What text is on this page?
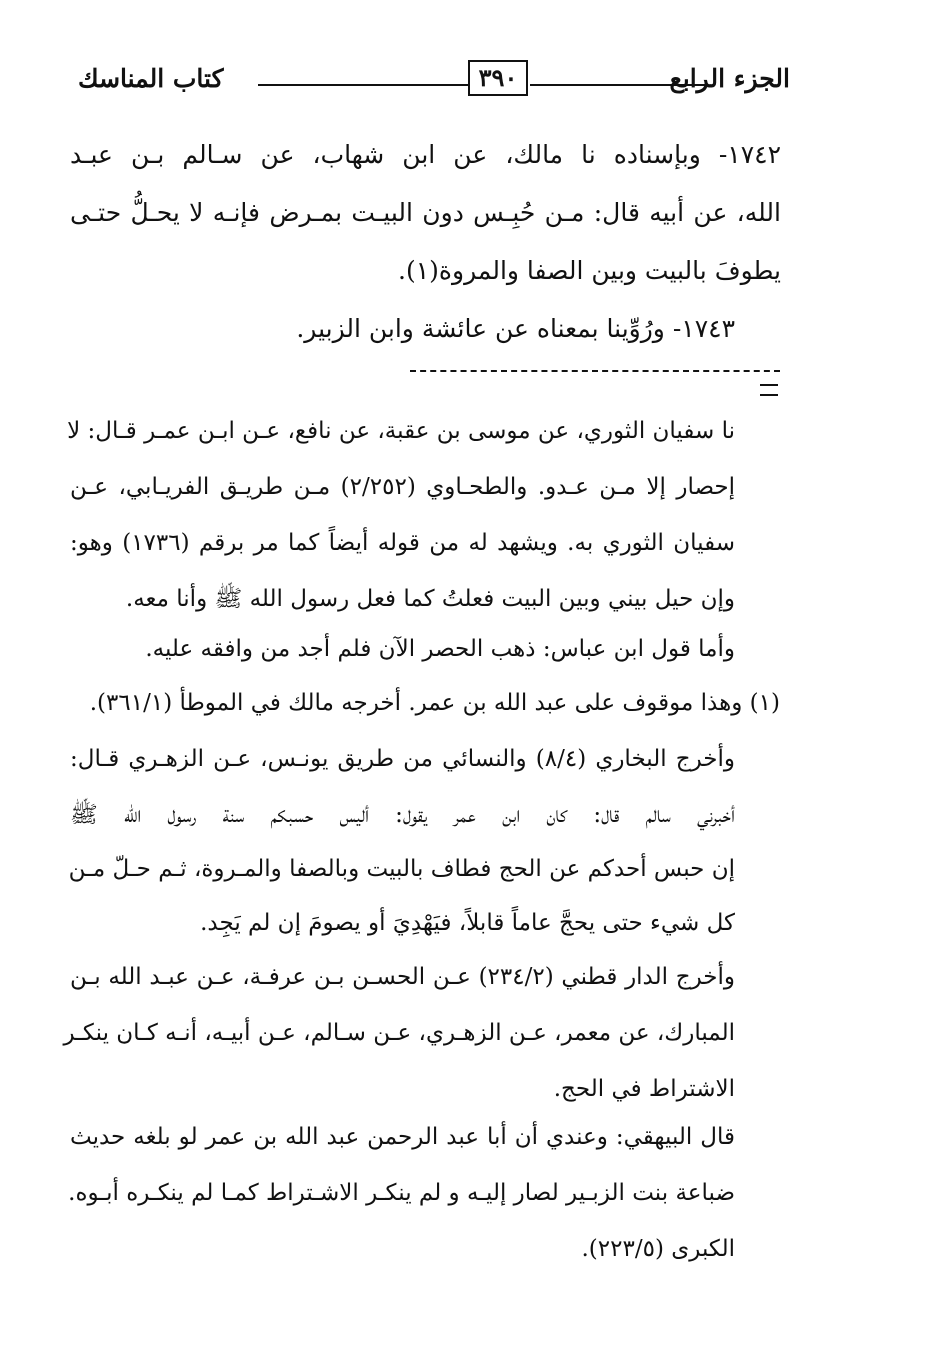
الجزء الرابع
٣٩٠
كتاب المناسك
١٧٤٢- وبإسناده نا مالك، عن ابن شهاب، عن سـالم بـن عبـد
الله، عن أبيه قال: مـن حُبِـس دون البيـت بمـرض فإنـه لا يحـلُّ حتـى
يطوفَ بالبيت وبين الصفا والمروة(١).
١٧٤٣- ورُوِّينا بمعناه عن عائشة وابن الزبير.
نا سفيان الثوري، عن موسى بن عقبة، عن نافع، عـن ابـن عمـر قـال: لا
إحصار إلا مـن عـدو. والطحـاوي (٢/٢٥٢) مـن طريـق الفريـابي، عـن
سفيان الثوري به. ويشهد له من قوله أيضاً كما مر برقم (١٧٣٦) وهو:
وإن حيل بيني وبين البيت فعلتُ كما فعل رسول الله ﷺ وأنا معه.
وأما قول ابن عباس: ذهب الحصر الآن فلم أجد من وافقه عليه.
(١) وهذا موقوف على عبد الله بن عمر. أخرجه مالك في الموطأ (٣٦١/١).
وأخرج البخاري (٨/٤) والنسائي من طريق يونـس، عـن الزهـري قـال:
أخبرني سالم قال: كان ابن عمر يقول: أليس حسبكم سنة رسول الله ﷺ
إن حبس أحدكم عن الحج فطاف بالبيت وبالصفا والمـروة، ثـم حـلّ مـن
كل شيء حتى يحجَّ عاماً قابلاً، فيَهْدِيَ أو يصومَ إن لم يَجِد.
وأخرج الدار قطني (٢٣٤/٢) عـن الحسـن بـن عرفـة، عـن عبـد الله بـن
المبارك، عن معمر، عـن الزهـري، عـن سـالم، عـن أبيـه، أنـه كـان ينكـر
الاشتراط في الحج.
قال البيهقي: وعندي أن أبا عبد الرحمن عبد الله بن عمر لو بلغه حديث
ضباعة بنت الزبـير لصار إليـه و لم ينكـر الاشـتراط كمـا لم ينكـره أبـوه.
الكبرى (٢٢٣/٥).
